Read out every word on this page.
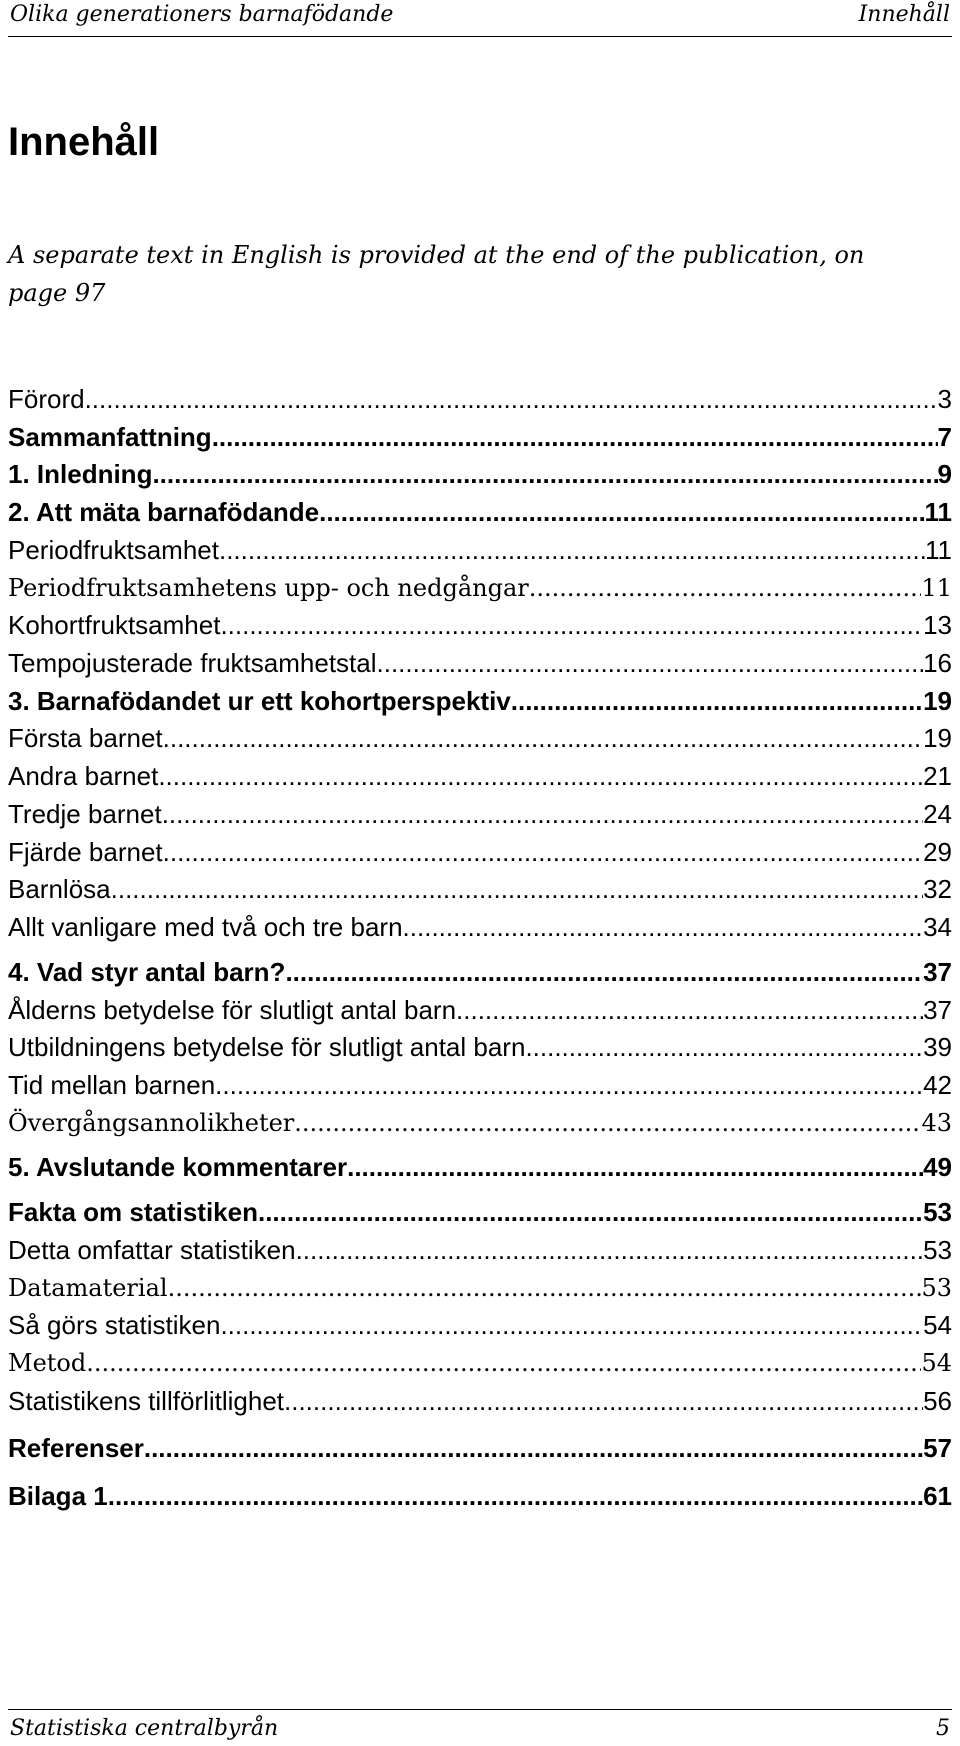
Olika generationers barnafödande	Innehåll
Innehåll
A separate text in English is provided at the end of the publication, on page 97
Förord .....	3
Sammanfattning .....	7
1. Inledning .....	9
2. Att mäta barnafödande .....	11
Periodfruktsamhet .....	11
Periodfruktsamhetens upp- och nedgångar .....	11
Kohortfruktsamhet .....	13
Tempojusterade fruktsamhetstal .....	16
3. Barnafödandet ur ett kohortperspektiv .....	19
Första barnet .....	19
Andra barnet .....	21
Tredje barnet .....	24
Fjärde barnet .....	29
Barnlösa .....	32
Allt vanligare med två och tre barn .....	34
4. Vad styr antal barn? .....	37
Ålderns betydelse för slutligt antal barn .....	37
Utbildningens betydelse för slutligt antal barn .....	39
Tid mellan barnen .....	42
Övergångsannolikheter .....	43
5. Avslutande kommentarer .....	49
Fakta om statistiken .....	53
Detta omfattar statistiken .....	53
Datamaterial .....	53
Så görs statistiken .....	54
Metod .....	54
Statistikens tillförlitlighet .....	56
Referenser .....	57
Bilaga 1 .....	61
Statistiska centralbyrån	5
